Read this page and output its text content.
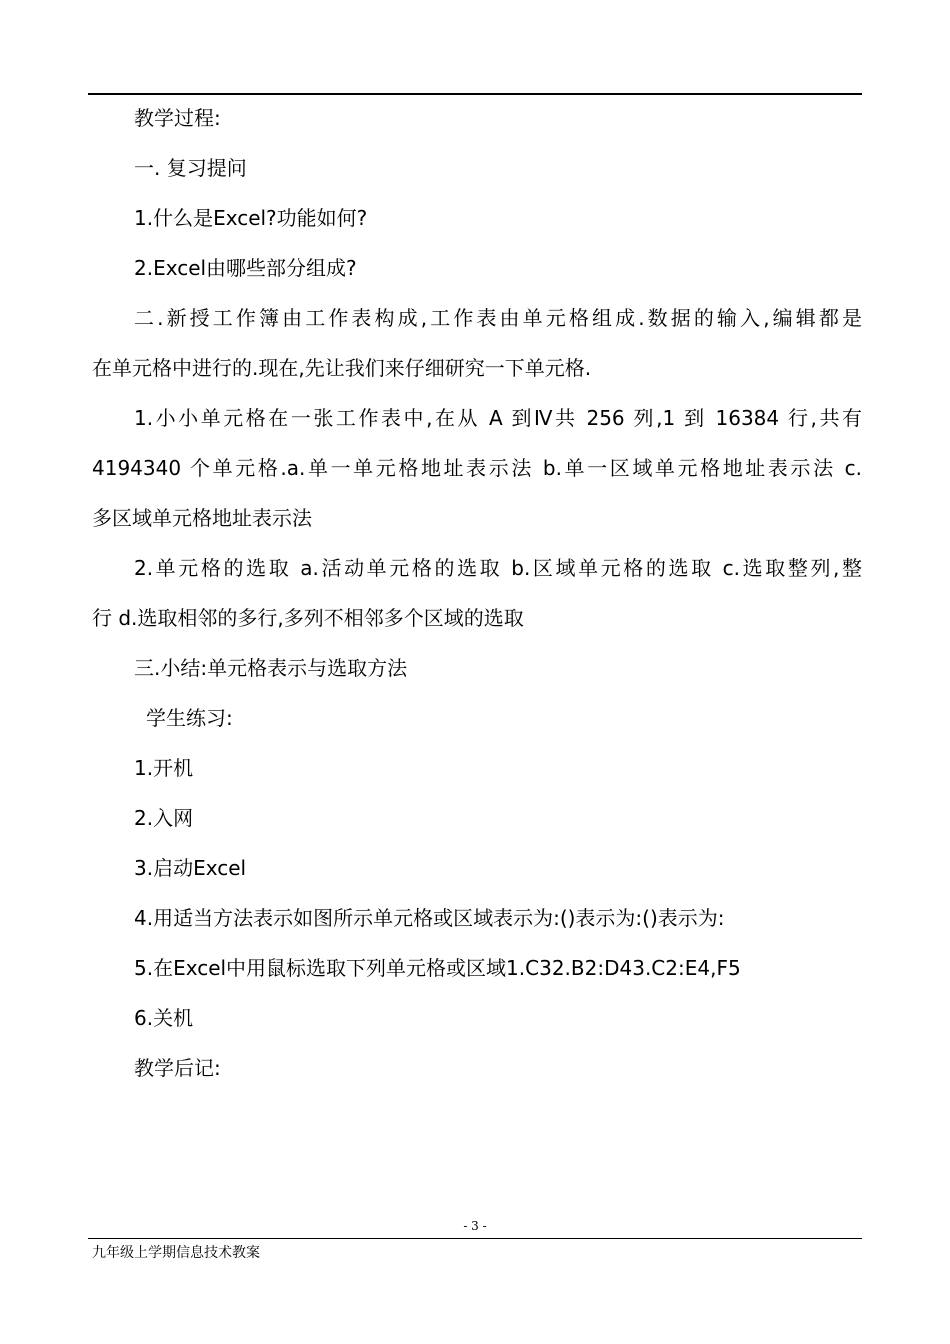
教学过程:
一. 复习提问
1.什么是Excel?功能如何?
2.Excel由哪些部分组成?
二.新授工作簿由工作表构成,工作表由单元格组成.数据的输入,编辑都是
在单元格中进行的.现在,先让我们来仔细研究一下单元格.
1.小小单元格在一张工作表中,在从 A 到Ⅳ共 256 列,1 到 16384 行,共有
4194340 个单元格.a.单一单元格地址表示法 b.单一区域单元格地址表示法 c.
多区域单元格地址表示法
2.单元格的选取 a.活动单元格的选取 b.区域单元格的选取 c.选取整列,整
行 d.选取相邻的多行,多列不相邻多个区域的选取
三.小结:单元格表示与选取方法
学生练习:
1.开机
2.入网
3.启动Excel
4.用适当方法表示如图所示单元格或区域表示为:()表示为:()表示为:
5.在Excel中用鼠标选取下列单元格或区域1.C32.B2:D43.C2:E4,F5
6.关机
教学后记:
- 3 -
九年级上学期信息技术教案
